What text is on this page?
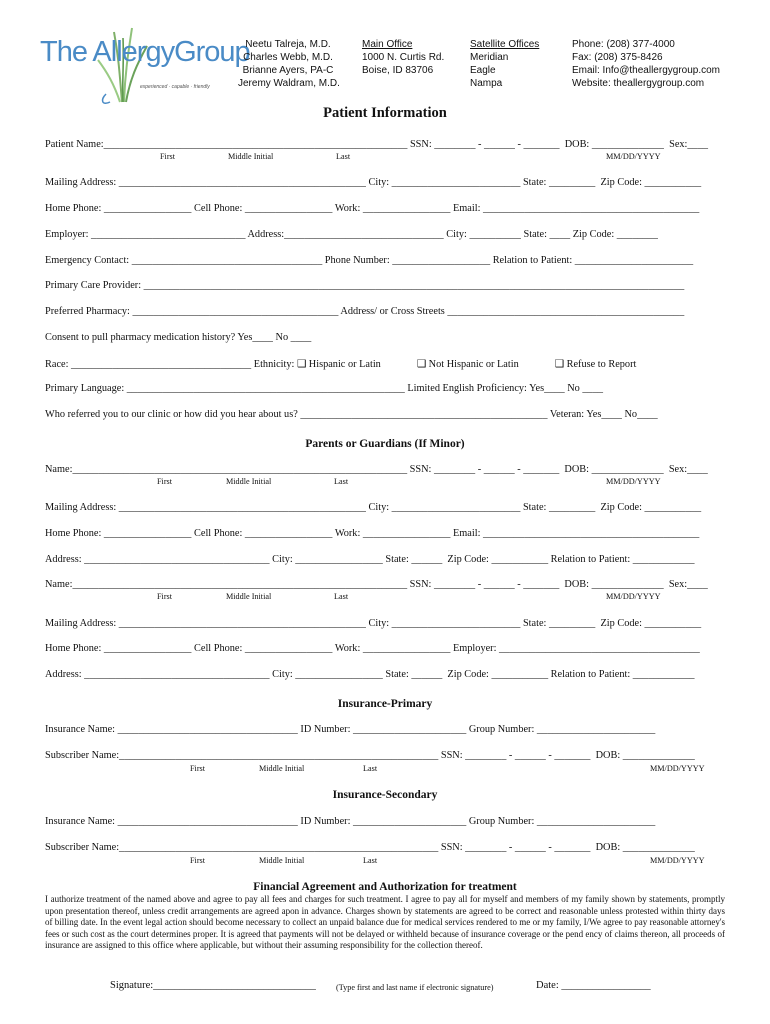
The AllergyGroup
experienced · capable · friendly
Neetu Talreja, M.D.
Charles Webb, M.D.
Brianne Ayers, PA-C
Jeremy Waldram, M.D.
Main Office
1000 N. Curtis Rd.
Boise, ID 83706
Satellite Offices
Meridian
Eagle
Nampa
Phone: (208) 377-4000
Fax: (208) 375-8426
Email: Info@theallergygroup.com
Website: theallergygroup.com
Patient Information
Patient Name:___________________________________________________________ SSN: ________ - ______ - _______  DOB: ______________  Sex:____
First	Middle Initial	Last	MM/DD/YYYY
Mailing Address: ________________________________________________ City: _________________________ State: _________  Zip Code: ___________
Home Phone: _________________ Cell Phone: _________________ Work: _________________ Email: __________________________________________
Employer: ______________________________ Address:_______________________________ City: __________ State: ____ Zip Code: ________
Emergency Contact: _____________________________________ Phone Number: ___________________ Relation to Patient: _______________________
Primary Care Provider: _________________________________________________________________________________________________________
Preferred Pharmacy: ________________________________________ Address/ or Cross Streets ______________________________________________
Consent to pull pharmacy medication history? Yes____ No ____
Race: ___________________________________ Ethnicity: ❑ Hispanic or Latin              ❑ Not Hispanic or Latin              ❑ Refuse to Report
Primary Language: ______________________________________________________ Limited English Proficiency: Yes____ No ____
Who referred you to our clinic or how did you hear about us? ________________________________________________ Veteran: Yes____ No____
Parents or Guardians (If Minor)
Name:_________________________________________________________________ SSN: ________ - ______ - _______  DOB: ______________  Sex:____
First	Middle Initial	Last	MM/DD/YYYY
Mailing Address: ________________________________________________ City: _________________________ State: _________  Zip Code: ___________
Home Phone: _________________ Cell Phone: _________________ Work: _________________ Email: __________________________________________
Address: ____________________________________ City: _________________ State: ______  Zip Code: ___________ Relation to Patient: ____________
Name:_________________________________________________________________ SSN: ________ - ______ - _______  DOB: ______________  Sex:____
First	Middle Initial	Last	MM/DD/YYYY
Mailing Address: ________________________________________________ City: _________________________ State: _________  Zip Code: ___________
Home Phone: _________________ Cell Phone: _________________ Work: _________________ Employer: _______________________________________
Address: ____________________________________ City: _________________ State: ______  Zip Code: ___________ Relation to Patient: ____________
Insurance-Primary
Insurance Name: ___________________________________ ID Number: ______________________ Group Number: _______________________
Subscriber Name:______________________________________________________________ SSN: ________ - ______ - _______  DOB: ______________
First	Middle Initial	Last	MM/DD/YYYY
Insurance-Secondary
Insurance Name: ___________________________________ ID Number: ______________________ Group Number: _______________________
Subscriber Name:______________________________________________________________ SSN: ________ - ______ - _______  DOB: ______________
First	Middle Initial	Last	MM/DD/YYYY
Financial Agreement and Authorization for treatment
I authorize treatment of the named above and agree to pay all fees and charges for such treatment. I agree to pay all for myself and members of my family shown by statements, promptly upon presentation thereof, unless credit arrangements are agreed apon in advance. Charges shown by statements are agreed to be correct and reasonable unless protested within thirty days of billing date. In the event legal action should become necessary to collect an unpaid balance due for medical services rendered to me or my family, I/We agree to pay reasonable attorney's fees or such cost as the court determines proper. It is agreed that payments will not be delayed or withheld because of insurance coverage or the pend ency of claims thereon, all proceeds of insurance are assigned to this office where applicable, but without their assuming responsibility for the collection thereof.
Signature:_______________________________ (Type first and last name if electronic signature)	Date: _________________
